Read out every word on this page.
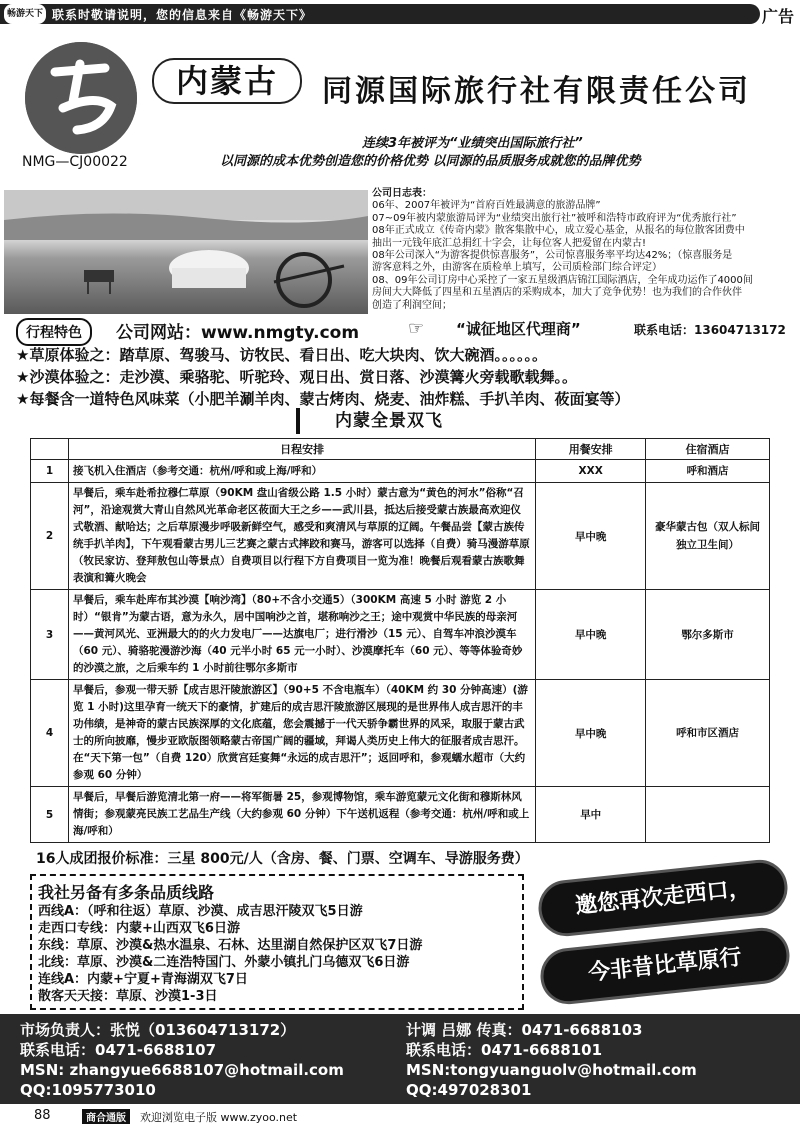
畅游天下 联系时敬请说明，您的信息来自《畅游天下》	广告
内蒙古	同源国际旅行社有限责任公司
连续3年被评为“业绩突出国际旅行社”
以同源的成本优势创造您的价格优势 以同源的品质服务成就您的品牌优势
NMG—CJ00022
公司日志表：
06年、2007年被评为“首府百姓最满意的旅游品牌”
07~09年被内蒙旅游局评为“业绩突出旅行社”被呼和浩特市政府评为“优秀旅行社”
08年正式成立《传奇内蒙》散客集散中心，成立爱心基金，从报名的每位散客团费中
抽出一元钱年底汇总捐红十字会，让每位客人把爱留在内蒙古!
08年公司深入“为游客提供惊喜服务”，公司惊喜服务率平均达42%；（惊喜服务是
游客意料之外，由游客在质检单上填写，公司质检部门综合评定）
08、09年公司订房中心采控了一家五星级酒店锦江国际酒店，全年成功运作了4000间
房间大大降低了四星和五星酒店的采购成本，加大了竞争优势！也为我们的合作伙伴
创造了利润空间；
行程特色	公司网站：www.nmgty.com	☞ “诚征地区代理商”	联系电话：13604713172
★草原体验之：踏草原、驾骏马、访牧民、看日出、吃大块肉、饮大碗酒。。。。。。
★沙漠体验之：走沙漠、乘骆驼、听驼玲、观日出、赏日落、沙漠篝火旁载歌载舞。。
★每餐含一道特色风味菜（小肥羊涮羊肉、蒙古烤肉、烧麦、油炸糕、手扒羊肉、莜面宴等）
内蒙全景双飞
	日程安排	用餐安排	住宿酒店
1	接飞机入住酒店（参考交通：杭州/呼和或上海/呼和）	XXX	呼和酒店
2	早餐后，乘车赴希拉穆仁草原（90KM 盘山省级公路 1.5 小时）蒙古意为“黄色的河水”俗称“召河”，沿途观赏大青山自然风光革命老区莜面大王之乡——武川县，抵达后接受蒙古族最高欢迎仪式敬酒、献哈达；之后草原漫步呼吸新鲜空气，感受和爽清风与草原的辽阔。午餐品尝【蒙古族传统手扒羊肉】，下午观看蒙古男儿三艺赛之蒙古式摔跤和赛马，游客可以选择（自费）骑马漫游草原（牧民家访、登拜敖包山等景点）自费项目以行程下方自费项目一览为准！晚餐后观看蒙古族歌舞表演和篝火晚会	早中晚	豪华蒙古包（双人标间 独立卫生间）
3	早餐后，乘车赴库布其沙漠【响沙湾】（80+不含小交通5）（300KM 高速 5 小时 游览 2 小时）“银肯”为蒙古语，意为永久，居中国响沙之首，堪称响沙之王；途中观赏中华民族的母亲河——黄河风光、亚洲最大的的火力发电厂——达旗电厂；进行滑沙（15 元）、自驾车冲浪沙漠车（60 元）、骑骆驼漫游沙海（40 元半小时 65 元一小时）、沙漠摩托车（60 元）、等等体验奇妙的沙漠之旅，之后乘车约 1 小时前往鄂尔多斯市	早中晚	鄂尔多斯市
4	早餐后，参观一带天骄【成吉思汗陵旅游区】（90+5 不含电瓶车）（40KM 约 30 分钟高速）(游览 1 小时)这里孕育一统天下的豪情，扩建后的成吉思汗陵旅游区展现的是世界伟人成吉思汗的丰功伟绩，是神奇的蒙古民族深厚的文化底蕴，您会震撼于一代天骄争霸世界的风采，取服于蒙古武士的所向披靡，慢步亚欧版图领略蒙古帝国广阔的疆域，拜谒人类历史上伟大的征服者成吉思汗。在“天下第一包”（自费 120）欣赏宫廷宴舞“永远的成吉思汗”；返回呼和，参观蠕水超市（大约参观 60 分钟）	早中晚	呼和市区酒店
5	早餐后，早餐后游览清北第一府——将军衙暑 25，参观博物馆，乘车游览蒙元文化街和穆斯林风情街；参观蒙亮民族工艺品生产线（大约参观 60 分钟）下午送机返程（参考交通：杭州/呼和或上海/呼和）	早中	
16人成团报价标准：三星 800元/人（含房、餐、门票、空调车、导游服务费）
我社另备有多条品质线路
西线A：（呼和往返）草原、沙漠、成吉思汗陵双飞5日游
走西口专线：内蒙+山西双飞6日游
东线：草原、沙漠&热水温泉、石林、达里湖自然保护区双飞7日游
北线：草原、沙漠&二连浩特国门、外蒙小镇扎门乌德双飞6日游
连线A：内蒙+宁夏+青海湖双飞7日
散客天天接：草原、沙漠1-3日
邀您再次走西口，
今非昔比草原行
市场负责人：张悦（013604713172）
联系电话：0471-6688107
MSN: zhangyue6688107@hotmail.com
QQ:1095773010
计调 吕娜 传真：0471-6688103
联系电话：0471-6688101
MSN:tongyuanguolv@hotmail.com
QQ:497028301
88	商合通版	欢迎浏览电子版 www.zyoo.net
